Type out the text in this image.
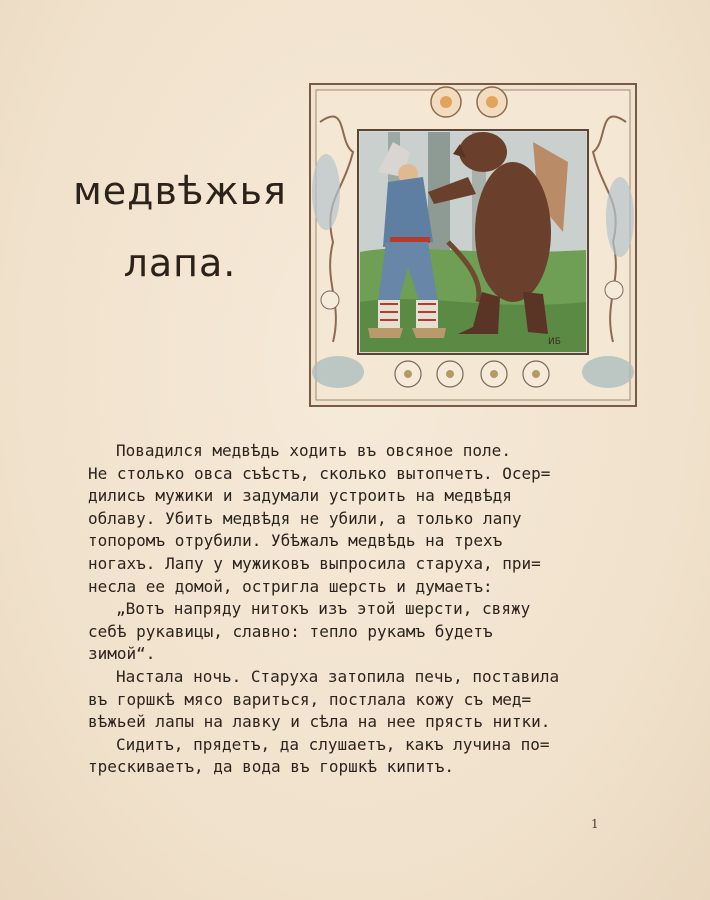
медвѣжья
лапа.
ИБ
Повадился медвѣдь ходить въ овсяное поле.
Не столько овса съѣстъ, сколько вытопчетъ. Осер=
дились мужики и задумали устроить на медвѣдя
облаву. Убить медвѣдя не убили, а только лапу
топоромъ отрубили. Убѣжалъ медвѣдь на трехъ
ногахъ. Лапу у мужиковъ выпросила старуха, при=
несла ее домой, остригла шерсть и думаетъ:
„Вотъ напряду нитокъ изъ этой шерсти, свяжу
себѣ рукавицы, славно: тепло рукамъ будетъ
зимой“.
Настала ночь. Старуха затопила печь, поставила
въ горшкѣ мясо вариться, постлала кожу съ мед=
вѣжьей лапы на лавку и сѣла на нее прясть нитки.
Сидитъ, прядетъ, да слушаетъ, какъ лучина по=
трескиваетъ, да вода въ горшкѣ кипитъ.
1
